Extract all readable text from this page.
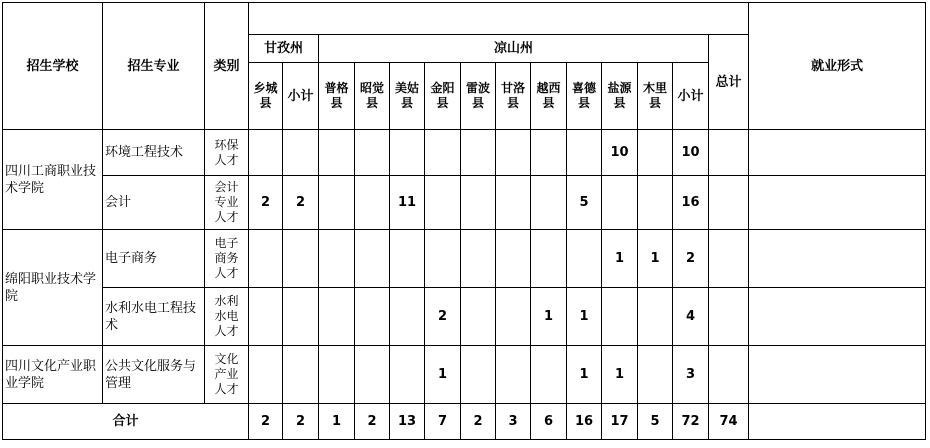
招生学校	招生专业	类别															就业形式
			甘孜州		凉山州											总计	

			乡城县	小计	普格县	昭觉县	美姑县	金阳县	雷波县	甘洛县	越西县	喜德县	盐源县	木里县	小计		
四川工商职业技术学院	环境工程技术	环保人才											10		10		
	会计	会计专业人才	2	2			11					5			16		
绵阳职业技术学院	电子商务	电子商务人才											1	1	2		
	水利水电工程技术	水利水电人才						2			1	1			4		
四川文化产业职业学院	公共文化服务与管理	文化产业人才						1				1	1		3		
合计			2	2	1	2	13	7	2	3	6	16	17	5	72	74	
